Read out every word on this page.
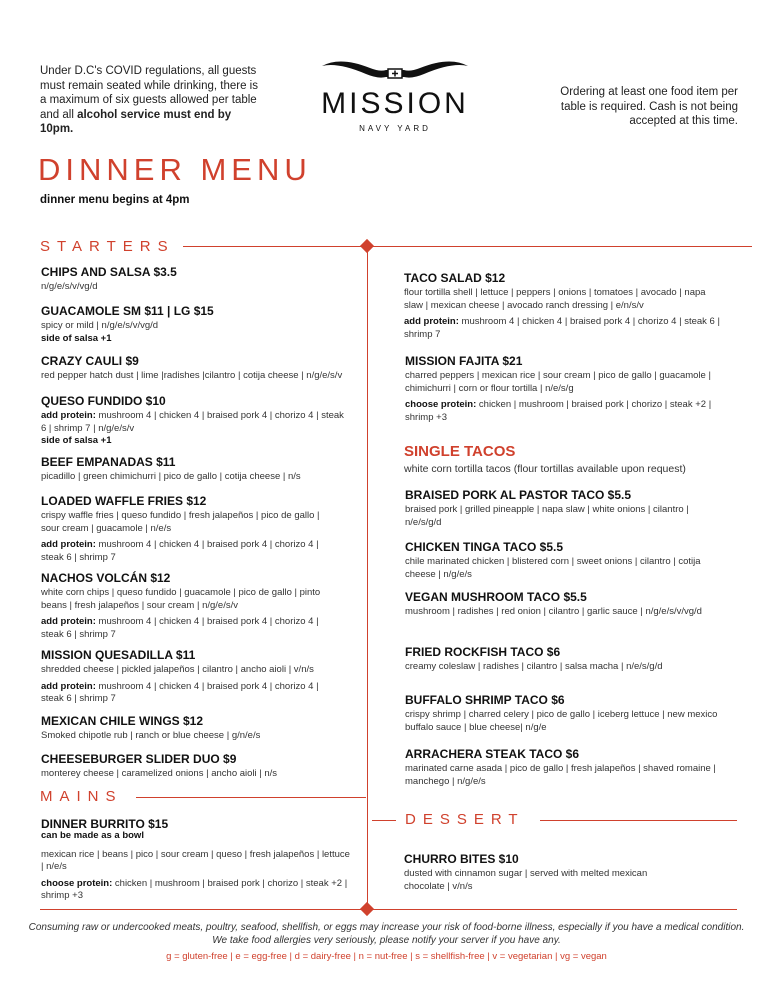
Under D.C's COVID regulations, all guests must remain seated while drinking, there is a maximum of six guests allowed per table and all alcohol service must end by 10pm.
Ordering at least one food item per table is required. Cash is not being accepted at this time.
MISSION
NAVY YARD
DINNER MENU
dinner menu begins at 4pm
STARTERS
CHIPS AND SALSA $3.5
n/g/e/s/v/vg/d
GUACAMOLE SM $11 | LG $15
spicy or mild | n/g/e/s/v/vg/d
side of salsa +1
CRAZY CAULI $9
red pepper hatch dust | lime |radishes |cilantro | cotija cheese | n/g/e/s/v
QUESO FUNDIDO $10
add protein: mushroom 4 | chicken 4 | braised pork 4 | chorizo 4 | steak 6 | shrimp 7 | n/g/e/s/v
side of salsa +1
BEEF EMPANADAS $11
picadillo | green chimichurri | pico de gallo | cotija cheese | n/s
LOADED WAFFLE FRIES $12
crispy waffle fries | queso fundido | fresh jalapeños | pico de gallo | sour cream | guacamole | n/e/s
add protein: mushroom 4 | chicken 4 | braised pork 4 | chorizo 4 | steak 6 | shrimp 7
NACHOS VOLCÁN $12
white corn chips | queso fundido | guacamole | pico de gallo | pinto beans | fresh jalapeños | sour cream | n/g/e/s/v
add protein: mushroom 4 | chicken 4 | braised pork 4 | chorizo 4 | steak 6 | shrimp 7
MISSION QUESADILLA $11
shredded cheese | pickled jalapeños | cilantro | ancho aioli | v/n/s
add protein: mushroom 4 | chicken 4 | braised pork 4 | chorizo 4 | steak 6 | shrimp 7
MEXICAN CHILE WINGS $12
Smoked chipotle rub | ranch or blue cheese | g/n/e/s
CHEESEBURGER SLIDER DUO $9
monterey cheese | caramelized onions | ancho aioli | n/s
MAINS
DINNER BURRITO $15
can be made as a bowl
mexican rice | beans | pico | sour cream | queso | fresh jalapeños | lettuce | n/e/s
choose protein: chicken | mushroom | braised pork | chorizo | steak +2 | shrimp +3
TACO SALAD $12
flour tortilla shell | lettuce | peppers | onions | tomatoes | avocado | napa slaw | mexican cheese | avocado ranch dressing | e/n/s/v
add protein: mushroom 4 | chicken 4 | braised pork 4 | chorizo 4 | steak 6 | shrimp 7
MISSION FAJITA $21
charred peppers | mexican rice | sour cream | pico de gallo | guacamole | chimichurri | corn or flour tortilla | n/e/s/g
choose protein: chicken | mushroom | braised pork | chorizo | steak +2 | shrimp +3
SINGLE TACOS
white corn tortilla tacos (flour tortillas available upon request)
BRAISED PORK AL PASTOR TACO $5.5
braised pork | grilled pineapple | napa slaw | white onions | cilantro | n/e/s/g/d
CHICKEN TINGA TACO $5.5
chile marinated chicken | blistered corn | sweet onions | cilantro | cotija cheese | n/g/e/s
VEGAN MUSHROOM TACO $5.5
mushroom | radishes | red onion | cilantro | garlic sauce | n/g/e/s/v/vg/d
FRIED ROCKFISH TACO $6
creamy coleslaw | radishes | cilantro | salsa macha | n/e/s/g/d
BUFFALO SHRIMP TACO $6
crispy shrimp | charred celery | pico de gallo | iceberg lettuce | new mexico buffalo sauce | blue cheese| n/g/e
ARRACHERA STEAK TACO $6
marinated carne asada | pico de gallo | fresh jalapeños | shaved romaine | manchego | n/g/e/s
DESSERT
CHURRO BITES $10
dusted with cinnamon sugar | served with melted mexican chocolate | v/n/s
Consuming raw or undercooked meats, poultry, seafood, shellfish, or eggs may increase your risk of food-borne illness, especially if you have a medical condition. We take food allergies very seriously, please notify your server if you have any.
g = gluten-free | e = egg-free | d = dairy-free | n = nut-free | s = shellfish-free | v = vegetarian | vg = vegan
